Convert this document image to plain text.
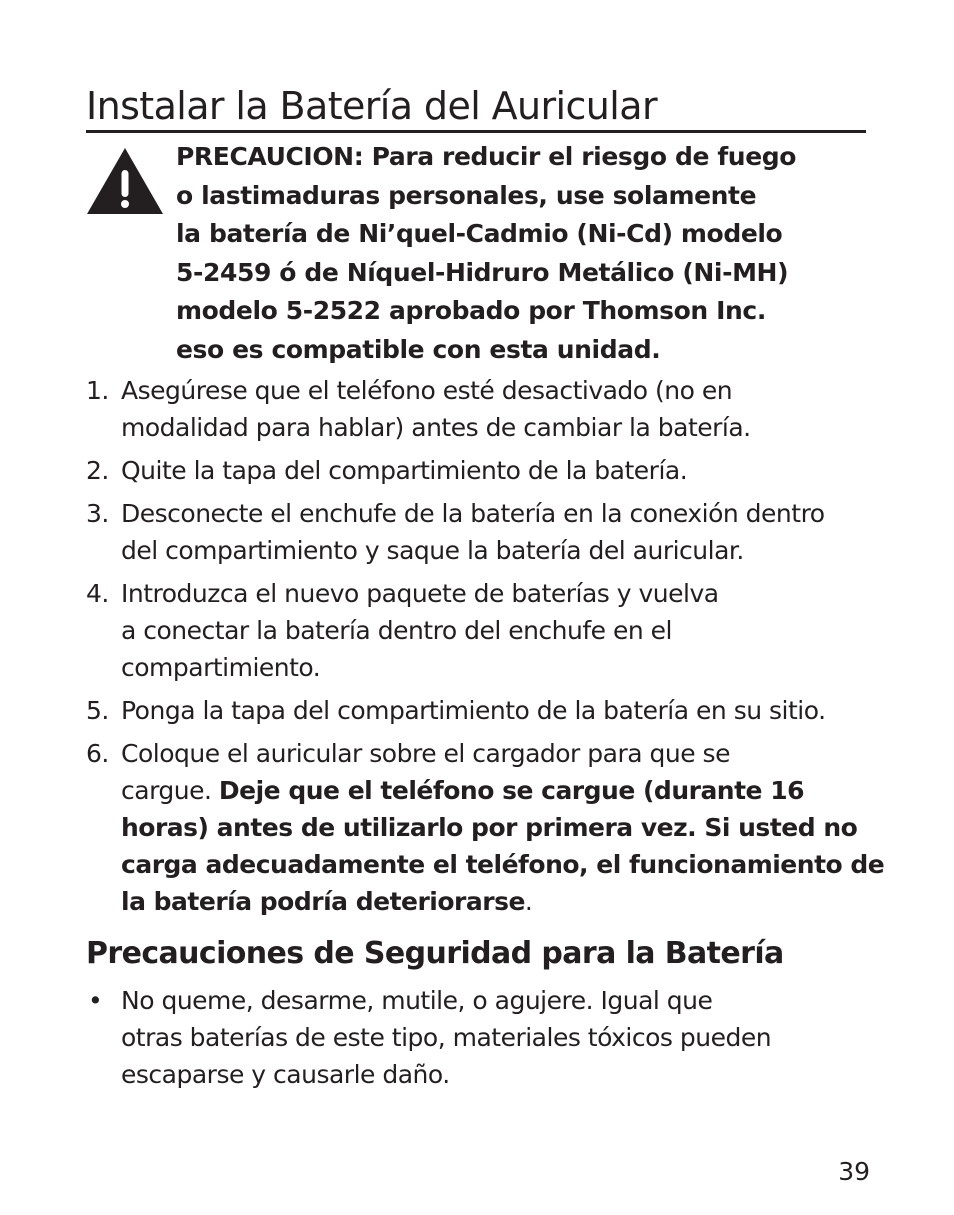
Instalar la Batería del Auricular

PRECAUCION: Para reducir el riesgo de fuego
o lastimaduras personales, use solamente
la batería de Ni’quel-Cadmio (Ni-Cd) modelo
5-2459 ó de Níquel-Hidruro Metálico (Ni-MH)
modelo 5-2522 aprobado por Thomson Inc.
eso es compatible con esta unidad.

1. Asegúrese que el teléfono esté desactivado (no en
modalidad para hablar) antes de cambiar la batería.
2. Quite la tapa del compartimiento de la batería.
3. Desconecte el enchufe de la batería en la conexión dentro
del compartimiento y saque la batería del auricular.
4. Introduzca el nuevo paquete de baterías y vuelva
a conectar la batería dentro del enchufe en el
compartimiento.
5. Ponga la tapa del compartimiento de la batería en su sitio.
6. Coloque el auricular sobre el cargador para que se
cargue. Deje que el teléfono se cargue (durante 16
horas) antes de utilizarlo por primera vez. Si usted no
carga adecuadamente el teléfono, el funcionamiento de
la batería podría deteriorarse.
Precauciones de Seguridad para la Batería
• No queme, desarme, mutile, o agujere. Igual que
otras baterías de este tipo, materiales tóxicos pueden
escaparse y causarle daño.
39
